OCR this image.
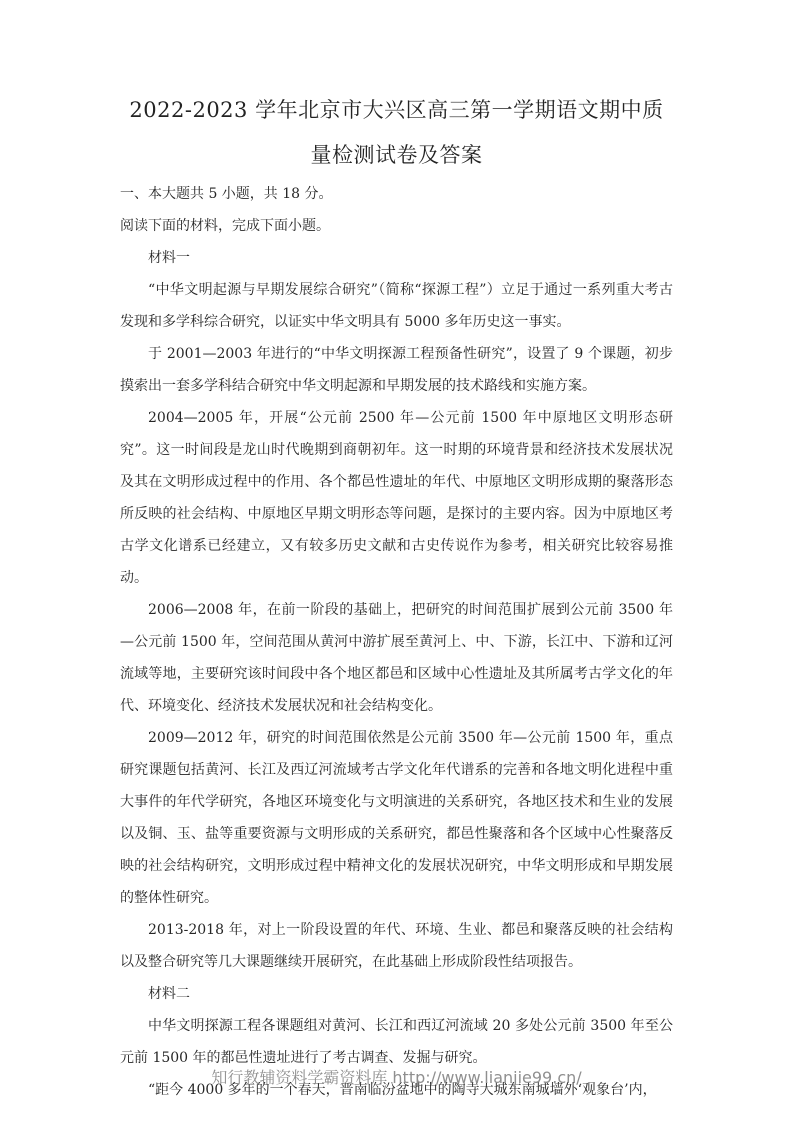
2022-2023 学年北京市大兴区高三第一学期语文期中质量检测试卷及答案

一、本大题共 5 小题，共 18 分。

阅读下面的材料，完成下面小题。

材料一

“中华文明起源与早期发展综合研究”（简称“探源工程”）立足于通过一系列重大考古发现和多学科综合研究，以证实中华文明具有 5000 多年历史这一事实。

于 2001—2003 年进行的“中华文明探源工程预备性研究”，设置了 9 个课题，初步摸索出一套多学科结合研究中华文明起源和早期发展的技术路线和实施方案。

2004—2005 年，开展“公元前 2500 年—公元前 1500 年中原地区文明形态研究”。这一时间段是龙山时代晚期到商朝初年。这一时期的环境背景和经济技术发展状况及其在文明形成过程中的作用、各个都邑性遗址的年代、中原地区文明形成期的聚落形态所反映的社会结构、中原地区早期文明形态等问题，是探讨的主要内容。因为中原地区考古学文化谱系已经建立，又有较多历史文献和古史传说作为参考，相关研究比较容易推动。

2006—2008 年，在前一阶段的基础上，把研究的时间范围扩展到公元前 3500 年—公元前 1500 年，空间范围从黄河中游扩展至黄河上、中、下游，长江中、下游和辽河流域等地，主要研究该时间段中各个地区都邑和区域中心性遗址及其所属考古学文化的年代、环境变化、经济技术发展状况和社会结构变化。

2009—2012 年，研究的时间范围依然是公元前 3500 年—公元前 1500 年，重点研究课题包括黄河、长江及西辽河流域考古学文化年代谱系的完善和各地文明化进程中重大事件的年代学研究，各地区环境变化与文明演进的关系研究，各地区技术和生业的发展以及铜、玉、盐等重要资源与文明形成的关系研究，都邑性聚落和各个区域中心性聚落反映的社会结构研究，文明形成过程中精神文化的发展状况研究，中华文明形成和早期发展的整体性研究。

2013-2018 年，对上一阶段设置的年代、环境、生业、都邑和聚落反映的社会结构以及整合研究等几大课题继续开展研究，在此基础上形成阶段性结项报告。

材料二

中华文明探源工程各课题组对黄河、长江和西辽河流域 20 多处公元前 3500 年至公元前 1500 年的都邑性遗址进行了考古调查、发掘与研究。

“距今 4000 多年的一个春天，晋南临汾盆地中的陶寺大城东南城墙外‘观象台’内，

知行教辅资料学霸资料库 http://www.lianjie99.cn/
